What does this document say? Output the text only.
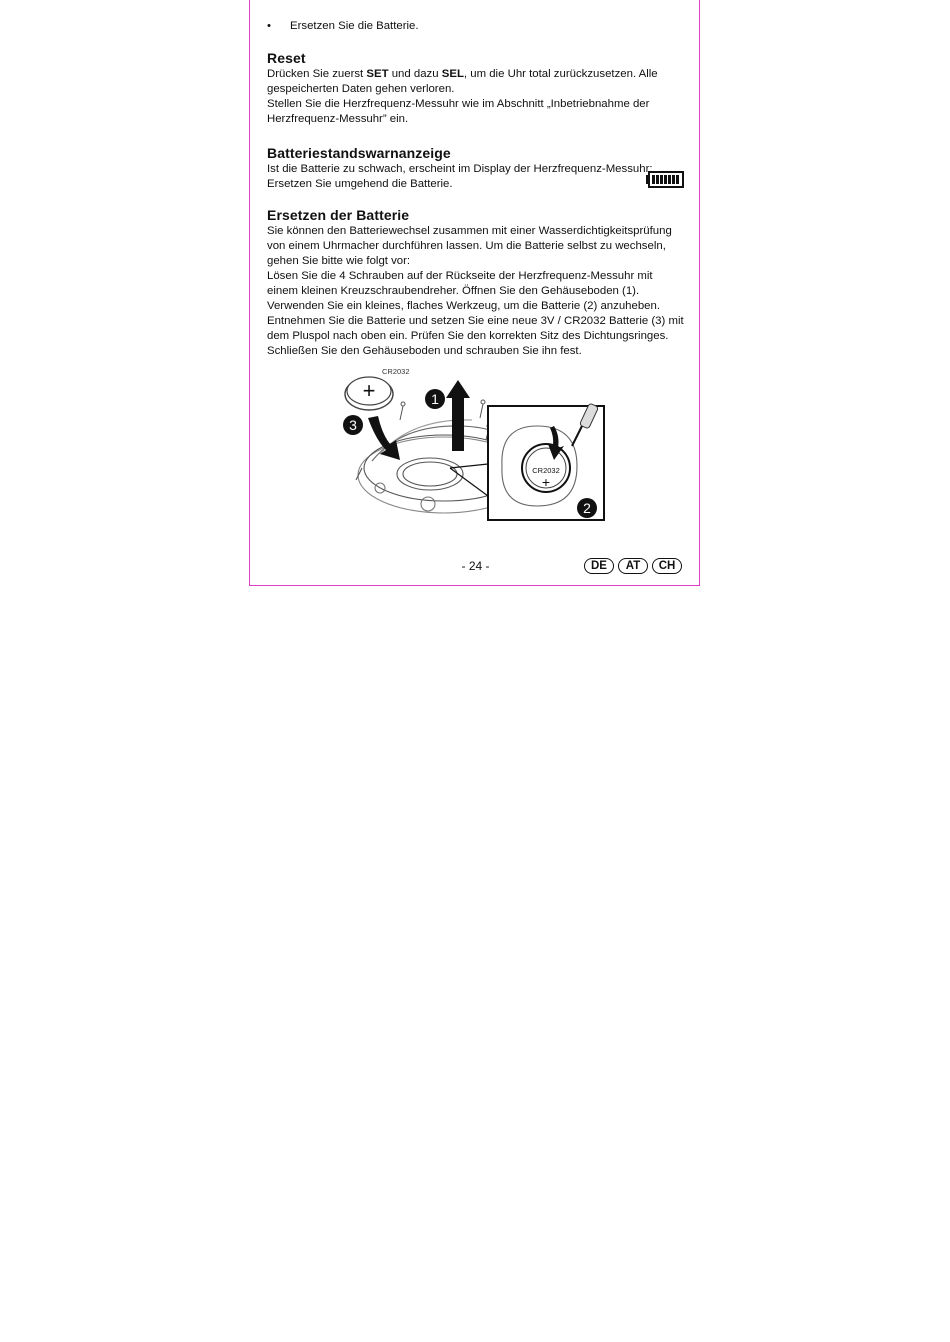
•	Ersetzen Sie die Batterie.
Reset

Drücken Sie zuerst SET und dazu SEL, um die Uhr total zurückzusetzen. Alle gespeicherten Daten gehen verloren.

Stellen Sie die Herzfrequenz-Messuhr wie im Abschnitt „Inbetriebnahme der Herzfrequenz-Messuhr” ein.

Batteriestandswarnanzeige

Ist die Batterie zu schwach, erscheint im Display der Herzfrequenz-Messuhr:

Ersetzen Sie umgehend die Batterie.

Ersetzen der Batterie

Sie können den Batteriewechsel zusammen mit einer Wasserdichtigkeitsprüfung von einem Uhrmacher durchführen lassen. Um die Batterie selbst zu wechseln, gehen Sie bitte wie folgt vor:

Lösen Sie die 4 Schrauben auf der Rückseite der Herzfrequenz-Messuhr mit einem kleinen Kreuzschraubendreher. Öffnen Sie den Gehäuseboden (1). Verwenden Sie ein kleines, flaches Werkzeug, um die Batterie (2) anzuheben. Entnehmen Sie die Batterie und setzen Sie eine neue 3V / CR2032 Batterie (3) mit dem Pluspol nach oben ein. Prüfen Sie den korrekten Sitz des Dichtungsringes. Schließen Sie den Gehäuseboden und schrauben Sie ihn fest.

+
CR2032
1
3
CR2032
+
2
- 24 -	DE	AT	CH
